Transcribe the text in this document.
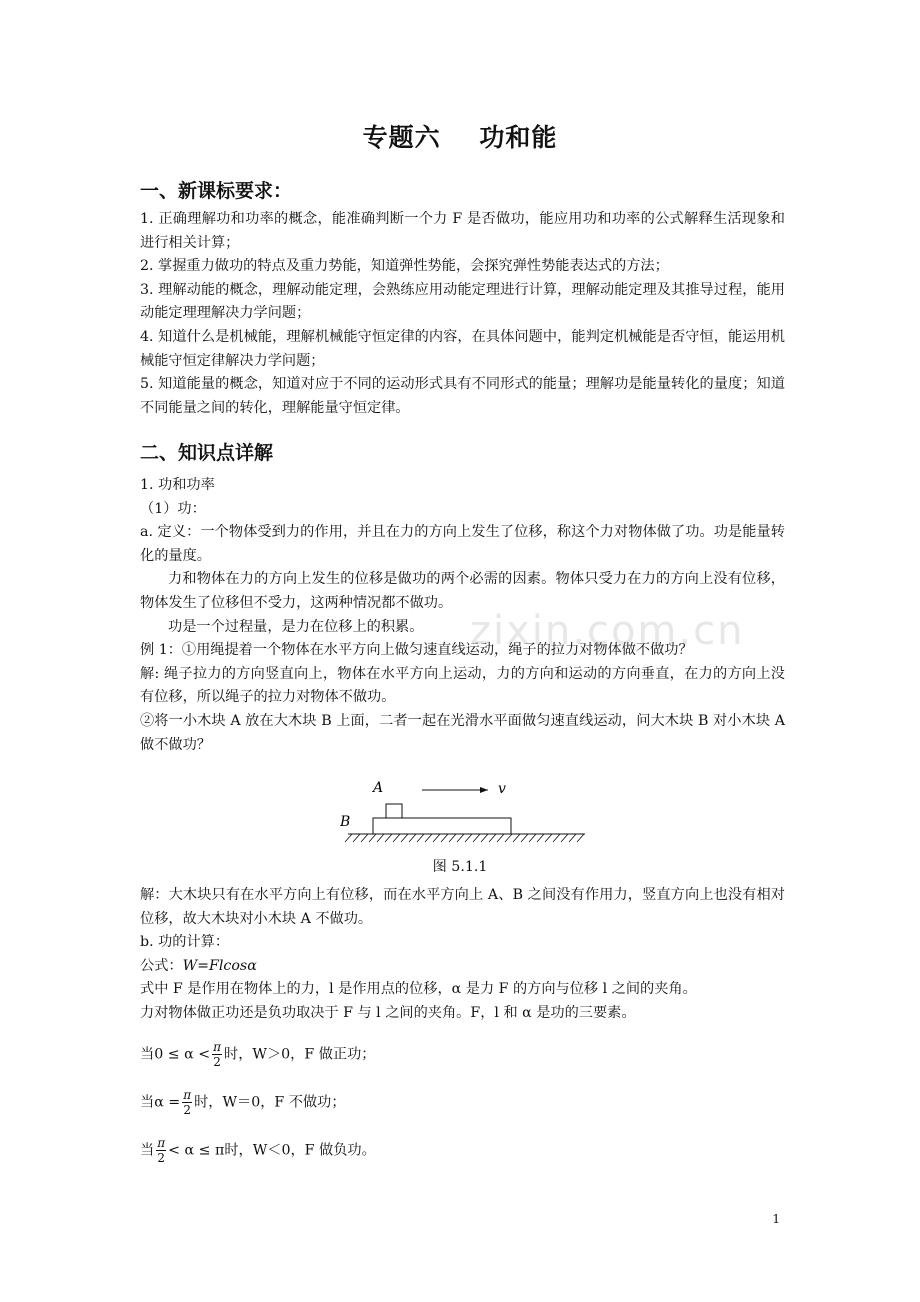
专题六    功和能
一、新课标要求：

1. 正确理解功和功率的概念，能准确判断一个力 F 是否做功，能应用功和功率的公式解释生活现象和进行相关计算；

2. 掌握重力做功的特点及重力势能，知道弹性势能，会探究弹性势能表达式的方法；

3. 理解动能的概念，理解动能定理，会熟练应用动能定理进行计算，理解动能定理及其推导过程，能用动能定理理解决力学问题；

4. 知道什么是机械能，理解机械能守恒定律的内容，在具体问题中，能判定机械能是否守恒，能运用机械能守恒定律解决力学问题；

5. 知道能量的概念，知道对应于不同的运动形式具有不同形式的能量；理解功是能量转化的量度；知道不同能量之间的转化，理解能量守恒定律。

二、知识点详解

1. 功和功率

（1）功：

a. 定义：一个物体受到力的作用，并且在力的方向上发生了位移，称这个力对物体做了功。功是能量转化的量度。

力和物体在力的方向上发生的位移是做功的两个必需的因素。物体只受力在力的方向上没有位移，物体发生了位移但不受力，这两种情况都不做功。

功是一个过程量，是力在位移上的积累。

例 1：①用绳提着一个物体在水平方向上做匀速直线运动，绳子的拉力对物体做不做功？

解: 绳子拉力的方向竖直向上，物体在水平方向上运动，力的方向和运动的方向垂直，在力的方向上没有位移，所以绳子的拉力对物体不做功。

②将一小木块 A 放在大木块 B 上面，二者一起在光滑水平面做匀速直线运动，问大木块 B 对小木块 A 做不做功？

A	v
B
图 5.1.1

解：大木块只有在水平方向上有位移，而在水平方向上 A、B 之间没有作用力，竖直方向上也没有相对位移，故大木块对小木块 A 不做功。

b. 功的计算：

公式：W=Flcosα

式中 F 是作用在物体上的力，l 是作用点的位移，α 是力 F 的方向与位移 l 之间的夹角。

力对物体做正功还是负功取决于 F 与 l 之间的夹角。F，l 和 α 是功的三要素。

当$0 \le \alpha < \frac{\pi}{2}$ 时，W＞0，F 做正功；
当$\alpha = \frac{\pi}{2}$ 时，W＝0，F 不做功；
当 $\frac{\pi}{2} < \alpha \le \pi$时，W＜0，F 做负功。
zixin.com.cn
1
